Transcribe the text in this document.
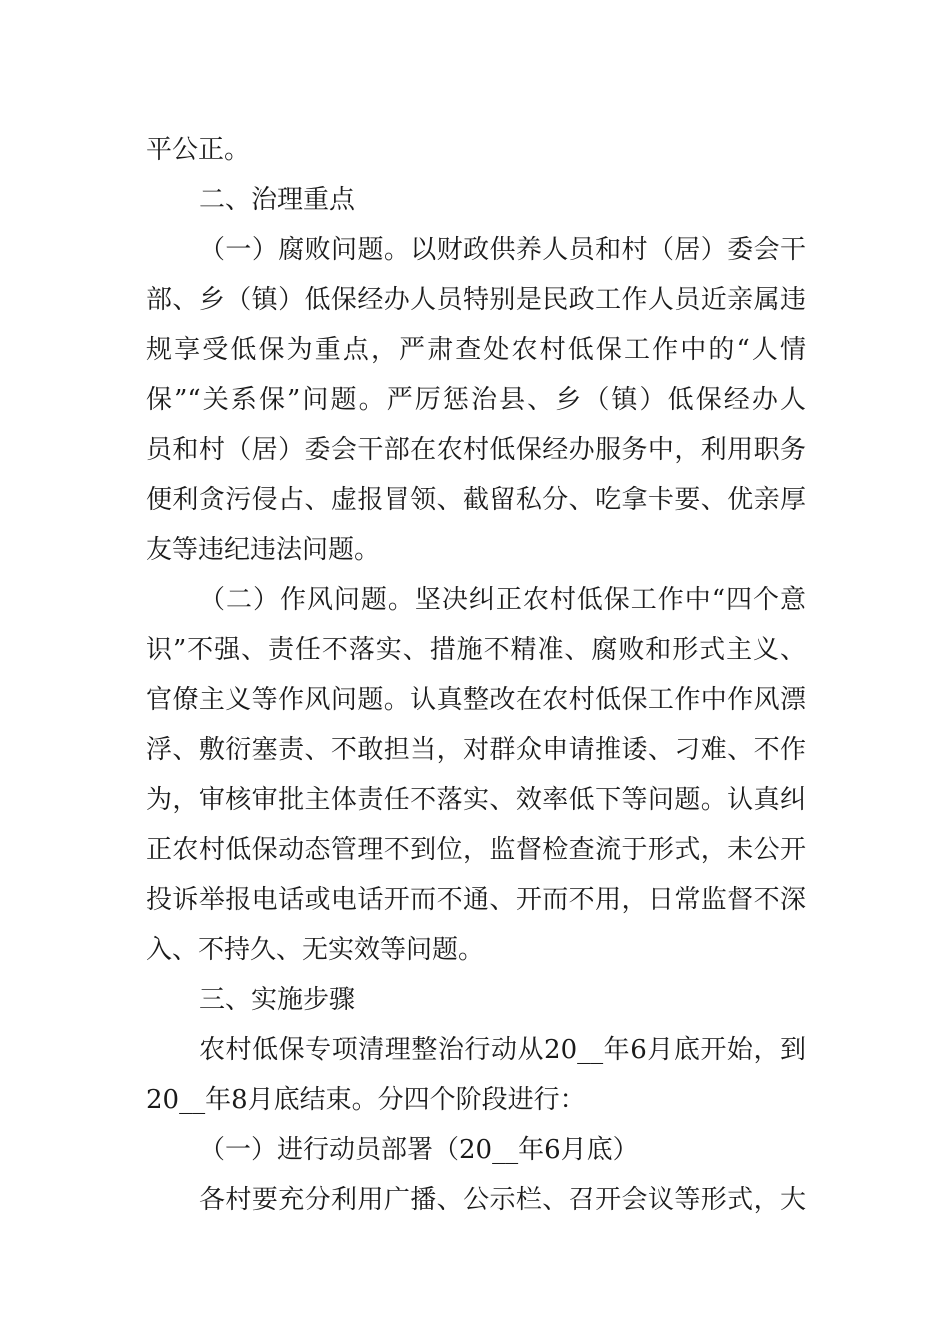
平公正。
二、治理重点
（一）腐败问题。以财政供养人员和村（居）委会干
部、乡（镇）低保经办人员特别是民政工作人员近亲属违
规享受低保为重点，严肃查处农村低保工作中的“人情
保”“关系保”问题。严厉惩治县、乡（镇）低保经办人
员和村（居）委会干部在农村低保经办服务中，利用职务
便利贪污侵占、虚报冒领、截留私分、吃拿卡要、优亲厚
友等违纪违法问题。
（二）作风问题。坚决纠正农村低保工作中“四个意
识”不强、责任不落实、措施不精准、腐败和形式主义、
官僚主义等作风问题。认真整改在农村低保工作中作风漂
浮、敷衍塞责、不敢担当，对群众申请推诿、刁难、不作
为，审核审批主体责任不落实、效率低下等问题。认真纠
正农村低保动态管理不到位，监督检查流于形式，未公开
投诉举报电话或电话开而不通、开而不用，日常监督不深
入、不持久、无实效等问题。
三、实施步骤
农村低保专项清理整治行动从20__年6月底开始，到
20__年8月底结束。分四个阶段进行：
（一）进行动员部署（20__年6月底）
各村要充分利用广播、公示栏、召开会议等形式，大
